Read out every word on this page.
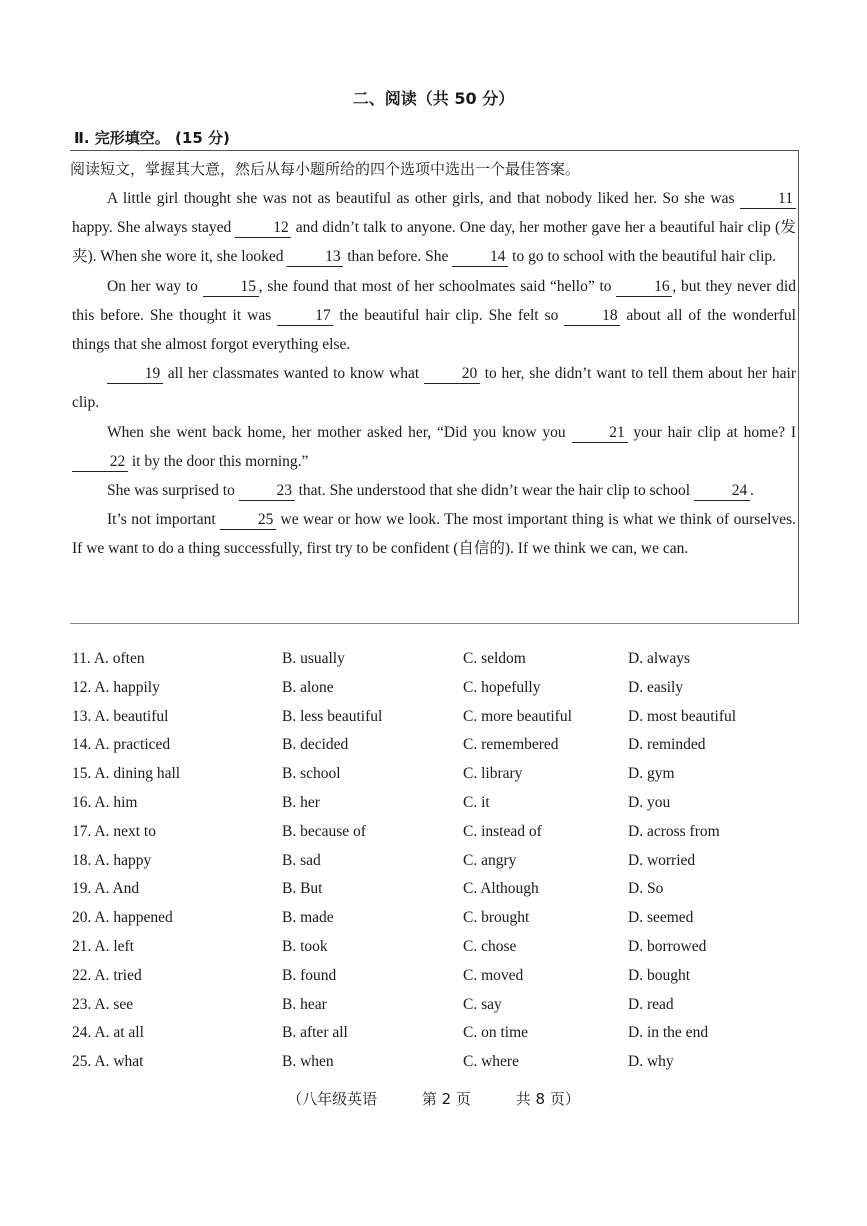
二、阅读（共 50 分）
Ⅱ. 完形填空。 (15 分)
阅读短文，掌握其大意，然后从每小题所给的四个选项中选出一个最佳答案。

A little girl thought she was not as beautiful as other girls, and that nobody liked her. So she was 11 happy. She always stayed 12 and didn’t talk to anyone. One day, her mother gave her a beautiful hair clip (发夹). When she wore it, she looked 13 than before. She 14 to go to school with the beautiful hair clip.

On her way to 15 , she found that most of her schoolmates said “hello” to 16 , but they never did this before. She thought it was 17 the beautiful hair clip. She felt so 18 about all of the wonderful things that she almost forgot everything else.

19 all her classmates wanted to know what 20 to her, she didn’t want to tell them about her hair clip.

When she went back home, her mother asked her, “Did you know you 21 your hair clip at home? I 22 it by the door this morning.”

She was surprised to 23 that. She understood that she didn’t wear the hair clip to school 24 .

It’s not important 25 we wear or how we look. The most important thing is what we think of ourselves. If we want to do a thing successfully, first try to be confident (自信的). If we think we can, we can.

11. A. often	B. usually	C. seldom	D. always
12. A. happily	B. alone	C. hopefully	D. easily
13. A. beautiful	B. less beautiful	C. more beautiful	D. most beautiful
14. A. practiced	B. decided	C. remembered	D. reminded
15. A. dining hall	B. school	C. library	D. gym
16. A. him	B. her	C. it	D. you
17. A. next to	B. because of	C. instead of	D. across from
18. A. happy	B. sad	C. angry	D. worried
19. A. And	B. But	C. Although	D. So
20. A. happened	B. made	C. brought	D. seemed
21. A. left	B. took	C. chose	D. borrowed
22. A. tried	B. found	C. moved	D. bought
23. A. see	B. hear	C. say	D. read
24. A. at all	B. after all	C. on time	D. in the end
25. A. what	B. when	C. where	D. why
（八年级英语	第 2 页	共 8 页）
